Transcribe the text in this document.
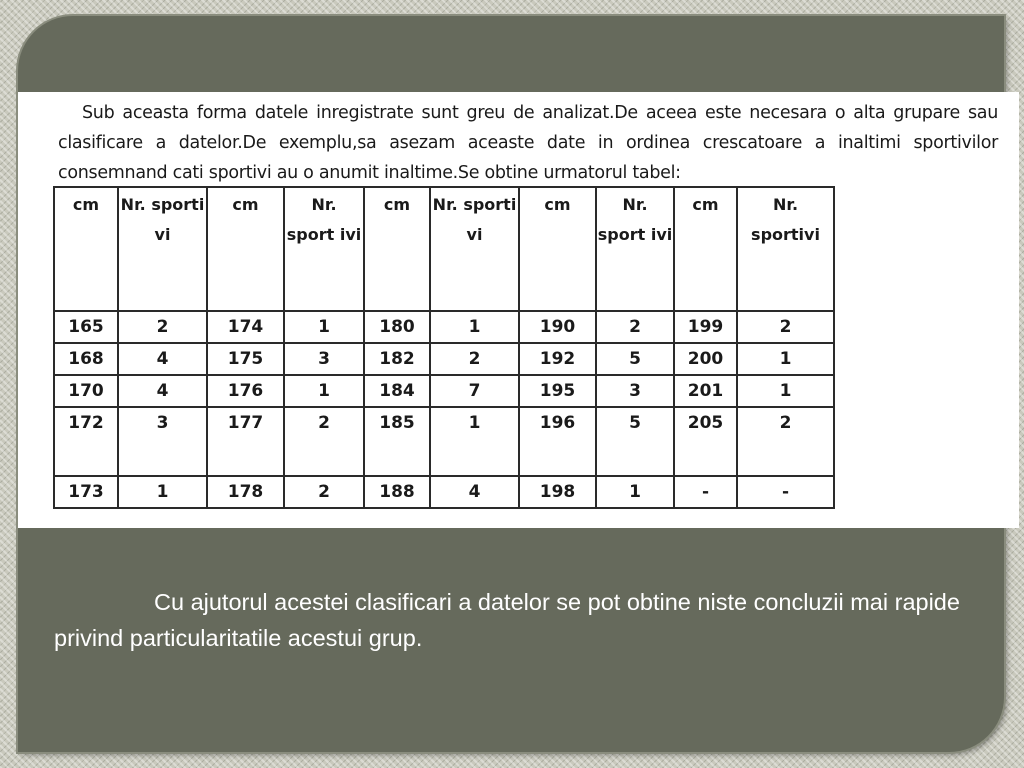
Sub aceasta forma datele inregistrate sunt greu de analizat.De aceea este necesara o alta grupare sau clasificare a datelor.De exemplu,sa asezam aceaste date in ordinea crescatoare a inaltimi sportivilor consemnand cati sportivi au o anumit inaltime.Se obtine urmatorul tabel:

cm	Nr. sporti vi	cm	Nr. sport ivi	cm	Nr. sporti vi	cm	Nr. sport ivi	cm	Nr. sportivi
165	2	174	1	180	1	190	2	199	2
168	4	175	3	182	2	192	5	200	1
170	4	176	1	184	7	195	3	201	1
172	3	177	2	185	1	196	5	205	2
173	1	178	2	188	4	198	1	-	-

Cu ajutorul acestei clasificari a datelor se pot obtine niste concluzii mai rapide privind particularitatile acestui grup.
